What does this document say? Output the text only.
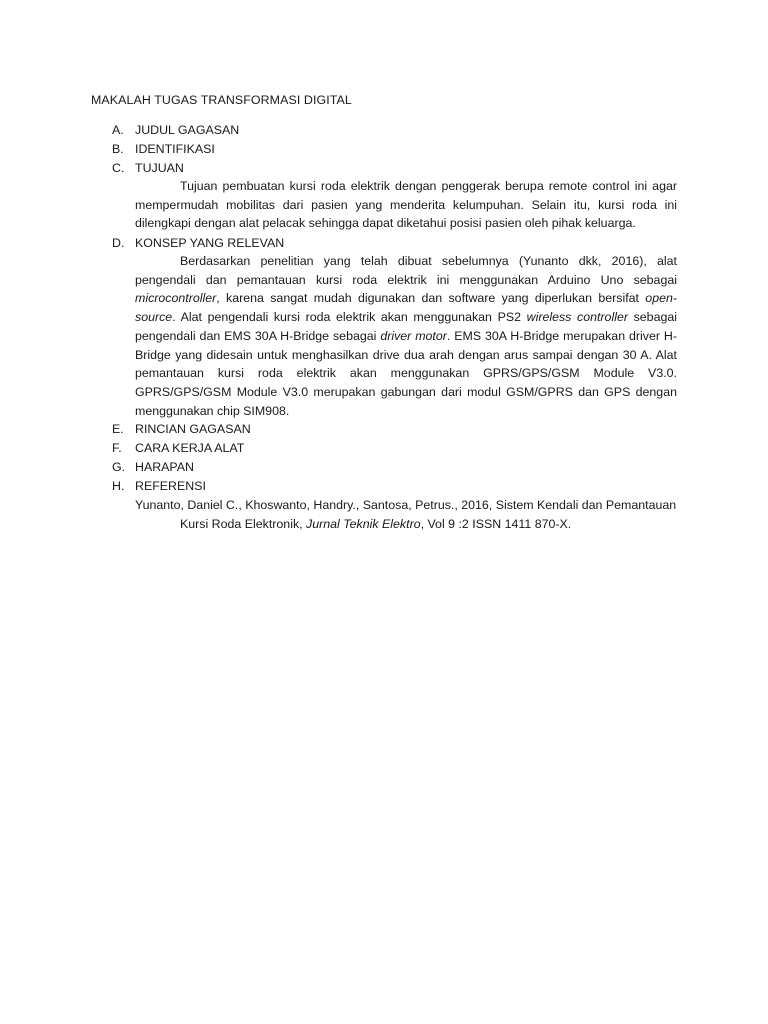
MAKALAH TUGAS TRANSFORMASI DIGITAL
A. JUDUL GAGASAN
B. IDENTIFIKASI
C. TUJUAN

Tujuan pembuatan kursi roda elektrik dengan penggerak berupa remote control ini agar mempermudah mobilitas dari pasien yang menderita kelumpuhan. Selain itu, kursi roda ini dilengkapi dengan alat pelacak sehingga dapat diketahui posisi pasien oleh pihak keluarga.

D. KONSEP YANG RELEVAN

Berdasarkan penelitian yang telah dibuat sebelumnya (Yunanto dkk, 2016), alat pengendali dan pemantauan kursi roda elektrik ini menggunakan Arduino Uno sebagai microcontroller, karena sangat mudah digunakan dan software yang diperlukan bersifat open-source. Alat pengendali kursi roda elektrik akan menggunakan PS2 wireless controller sebagai pengendali dan EMS 30A H-Bridge sebagai driver motor. EMS 30A H-Bridge merupakan driver H-Bridge yang didesain untuk menghasilkan drive dua arah dengan arus sampai dengan 30 A. Alat pemantauan kursi roda elektrik akan menggunakan GPRS/GPS/GSM Module V3.0. GPRS/GPS/GSM Module V3.0 merupakan gabungan dari modul GSM/GPRS dan GPS dengan menggunakan chip SIM908.

E. RINCIAN GAGASAN
F. CARA KERJA ALAT
G. HARAPAN
H. REFERENSI

Yunanto, Daniel C., Khoswanto, Handry., Santosa, Petrus., 2016, Sistem Kendali dan Pemantauan
Kursi Roda Elektronik, Jurnal Teknik Elektro, Vol 9 :2 ISSN 1411 870-X.
